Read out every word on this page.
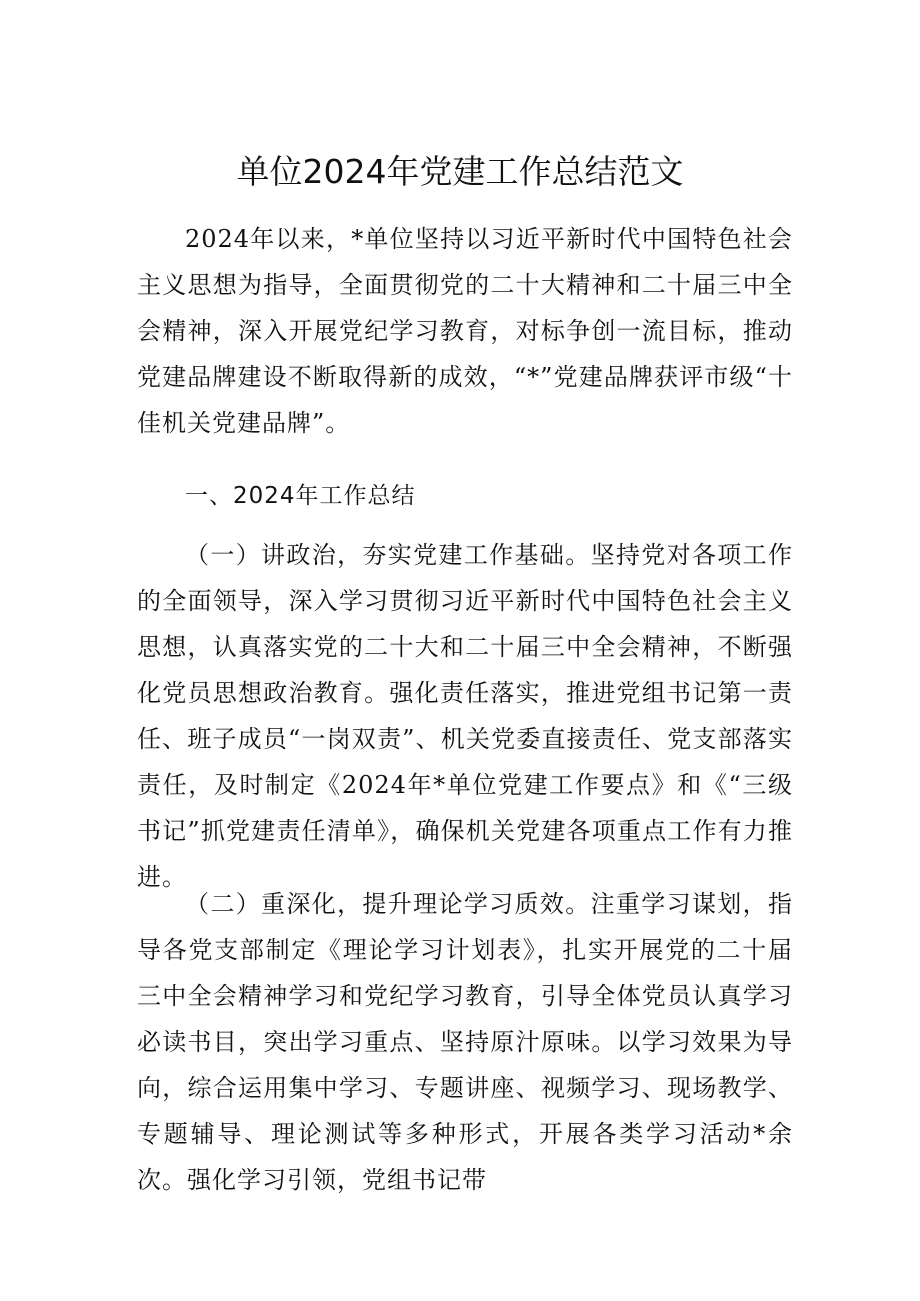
单位2024年党建工作总结范文

2024年以来，*单位坚持以习近平新时代中国特色社会主义思想为指导，全面贯彻党的二十大精神和二十届三中全会精神，深入开展党纪学习教育，对标争创一流目标，推动党建品牌建设不断取得新的成效，“*”党建品牌获评市级“十佳机关党建品牌”。

一、2024年工作总结

（一）讲政治，夯实党建工作基础。坚持党对各项工作的全面领导，深入学习贯彻习近平新时代中国特色社会主义思想，认真落实党的二十大和二十届三中全会精神，不断强化党员思想政治教育。强化责任落实，推进党组书记第一责任、班子成员“一岗双责”、机关党委直接责任、党支部落实责任，及时制定《2024年*单位党建工作要点》和《“三级书记”抓党建责任清单》，确保机关党建各项重点工作有力推进。

（二）重深化，提升理论学习质效。注重学习谋划，指导各党支部制定《理论学习计划表》，扎实开展党的二十届三中全会精神学习和党纪学习教育，引导全体党员认真学习必读书目，突出学习重点、坚持原汁原味。以学习效果为导向，综合运用集中学习、专题讲座、视频学习、现场教学、专题辅导、理论测试等多种形式，开展各类学习活动*余次。强化学习引领，党组书记带
